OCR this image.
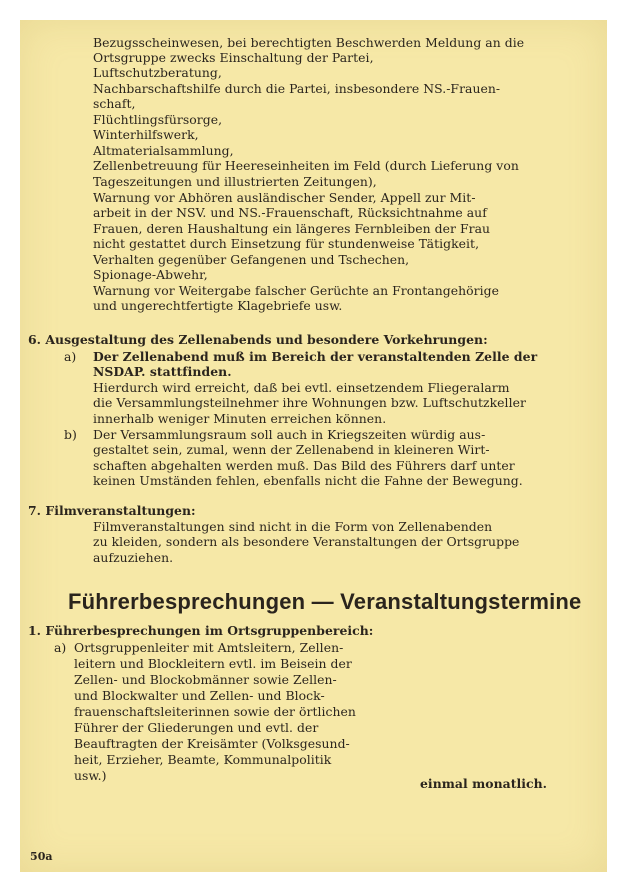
Bezugsscheinwesen, bei berechtigten Beschwerden Meldung an die
Ortsgruppe zwecks Einschaltung der Partei,
Luftschutzberatung,
Nachbarschaftshilfe durch die Partei, insbesondere NS.-Frauen-
schaft,
Flüchtlingsfürsorge,
Winterhilfswerk,
Altmaterialsammlung,
Zellenbetreuung für Heereseinheiten im Feld (durch Lieferung von
Tageszeitungen und illustrierten Zeitungen),
Warnung vor Abhören ausländischer Sender, Appell zur Mit-
arbeit in der NSV. und NS.-Frauenschaft, Rücksichtnahme auf
Frauen, deren Haushaltung ein längeres Fernbleiben der Frau
nicht gestattet durch Einsetzung für stundenweise Tätigkeit,
Verhalten gegenüber Gefangenen und Tschechen,
Spionage-Abwehr,
Warnung vor Weitergabe falscher Gerüchte an Frontangehörige
und ungerechtfertigte Klagebriefe usw.
6. Ausgestaltung des Zellenabends und besondere Vorkehrungen:
a) Der Zellenabend muß im Bereich der veranstaltenden Zelle der
NSDAP. stattfinden.
Hierdurch wird erreicht, daß bei evtl. einsetzendem Fliegeralarm
die Versammlungsteilnehmer ihre Wohnungen bzw. Luftschutzkeller
innerhalb weniger Minuten erreichen können.
b) Der Versammlungsraum soll auch in Kriegszeiten würdig aus-
gestaltet sein, zumal, wenn der Zellenabend in kleineren Wirt-
schaften abgehalten werden muß. Das Bild des Führers darf unter
keinen Umständen fehlen, ebenfalls nicht die Fahne der Bewegung.
7. Filmveranstaltungen:
Filmveranstaltungen sind nicht in die Form von Zellenabenden
zu kleiden, sondern als besondere Veranstaltungen der Ortsgruppe
aufzuziehen.
Führerbesprechungen — Veranstaltungstermine
1. Führerbesprechungen im Ortsgruppenbereich:
a) Ortsgruppenleiter mit Amtsleitern, Zellen-
leitern und Blockleitern evtl. im Beisein der
Zellen- und Blockobmänner sowie Zellen-
und Blockwalter und Zellen- und Block-
frauenschaftsleiterinnen sowie der örtlichen
Führer der Gliederungen und evtl. der
Beauftragten der Kreisämter (Volksgesund-
heit, Erzieher, Beamte, Kommunalpolitik
usw.)
einmal monatlich.
50a
